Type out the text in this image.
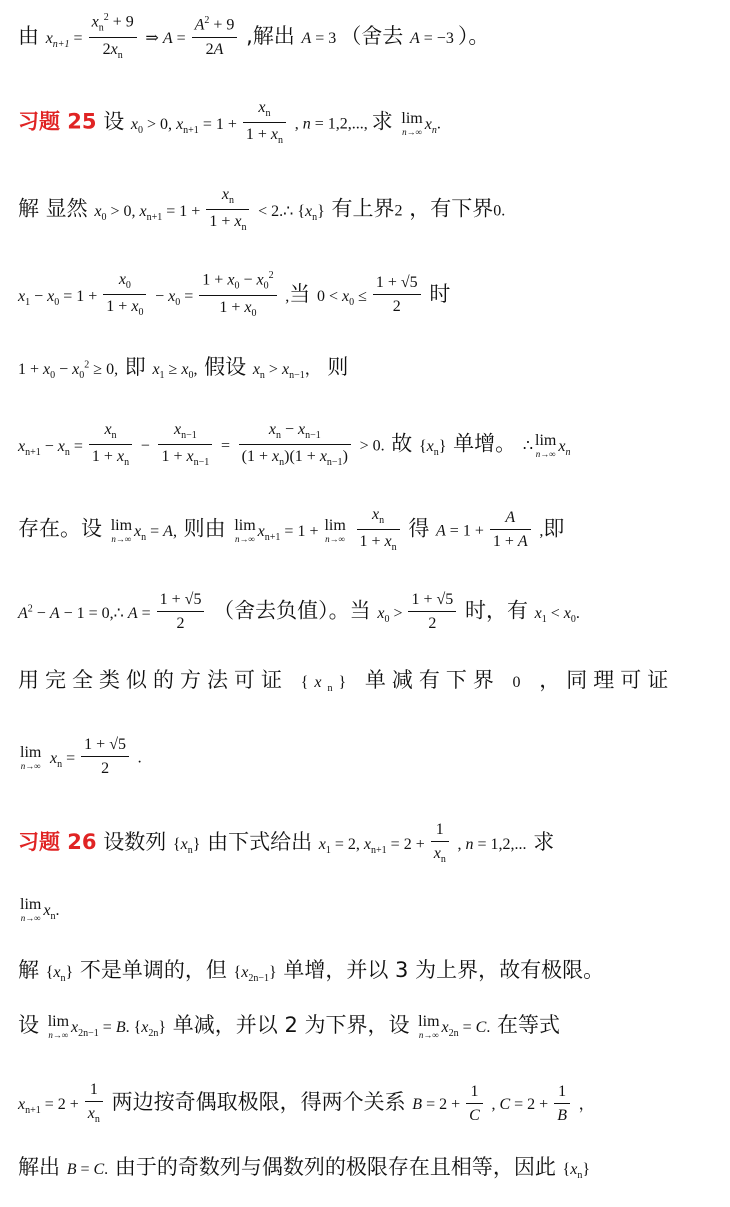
由 $x_{n+1} = \frac{x_n^2 + 9}{2x_n}$ ⇒ $A = \frac{A^2 + 9}{2A}$ ,解出 A = 3 （舍去 A = −3 ）。
习题 25 设 $x_0 > 0$, $x_{n+1} = 1 + \frac{x_n}{1 + x_n}$ , n = 1,2,..., 求 lim
n→∞ $x_n$.
解 显然 $x_0 > 0$, $x_{n+1} = 1 + \frac{x_n}{1 + x_n}$ < 2.∴ $\{x_n\}$ 有上界2 ，有下界0.
$x_1 - x_0 = 1 + \frac{x_0}{1 + x_0} - x_0 = \frac{1 + x_0 - x_0^2}{1 + x_0}$ ,当 $0 < x_0 \le \frac{1 + √5}{2}$ 时
$1 + x_0 - x_0^2 \ge 0$, 即 $x_1 \ge x_0$, 假设 $x_n > x_{n-1}$， 则
$x_{n+1} - x_n = \frac{x_n}{1 + x_n} - \frac{x_{n-1}}{1 + x_{n-1}} = \frac{x_n - x_{n-1}}{(1 + x_n)(1 + x_{n-1})} > 0$. 故 $\{x_n\}$ 单增。 ∴ lim
n→∞ $x_n$
存在。设 lim
n→∞ $x_n = A$, 则由 lim
n→∞ $x_{n+1} = 1 + \lim$
n→∞
$\frac{x_n}{1 + x_n}$ 得 $A = 1 + \frac{A}{1 + A}$ ,即
$A^2 - A - 1$ = 0,∴ $A = \frac{1 + √5}{2}$ （舍去负值）。当 $x_0 > \frac{1 + √5}{2}$ 时，有 $x_1 < x_0$.
用完全类似的方法可证 $\{x_n\}$ 单减有下界 0 ，同理可证
lim
n→∞ $x_n = \frac{1 + √5}{2}$ .
习题 26 设数列 $\{x_n\}$ 由下式给出 $x_1 = 2$, $x_{n+1} = 2 + \frac{1}{x_n}$ , n = 1,2,... 求
lim
n→∞ $x_n$.
解 $\{x_n\}$ 不是单调的，但 $\{x_{2n-1}\}$ 单增，并以 3 为上界，故有极限。
设 lim
n→∞ $x_{2n-1} = B$. $\{x_{2n}\}$ 单减，并以 2 为下界，设 lim
n→∞ $x_{2n} = C$. 在等式
$x_{n+1} = 2 + \frac{1}{x_n}$ 两边按奇偶取极限，得两个关系 $B = 2 + \frac{1}{C}$ , $C = 2 + \frac{1}{B}$ ，
解出 B = C. 由于的奇数列与偶数列的极限存在且相等，因此 $\{x_n\}$
